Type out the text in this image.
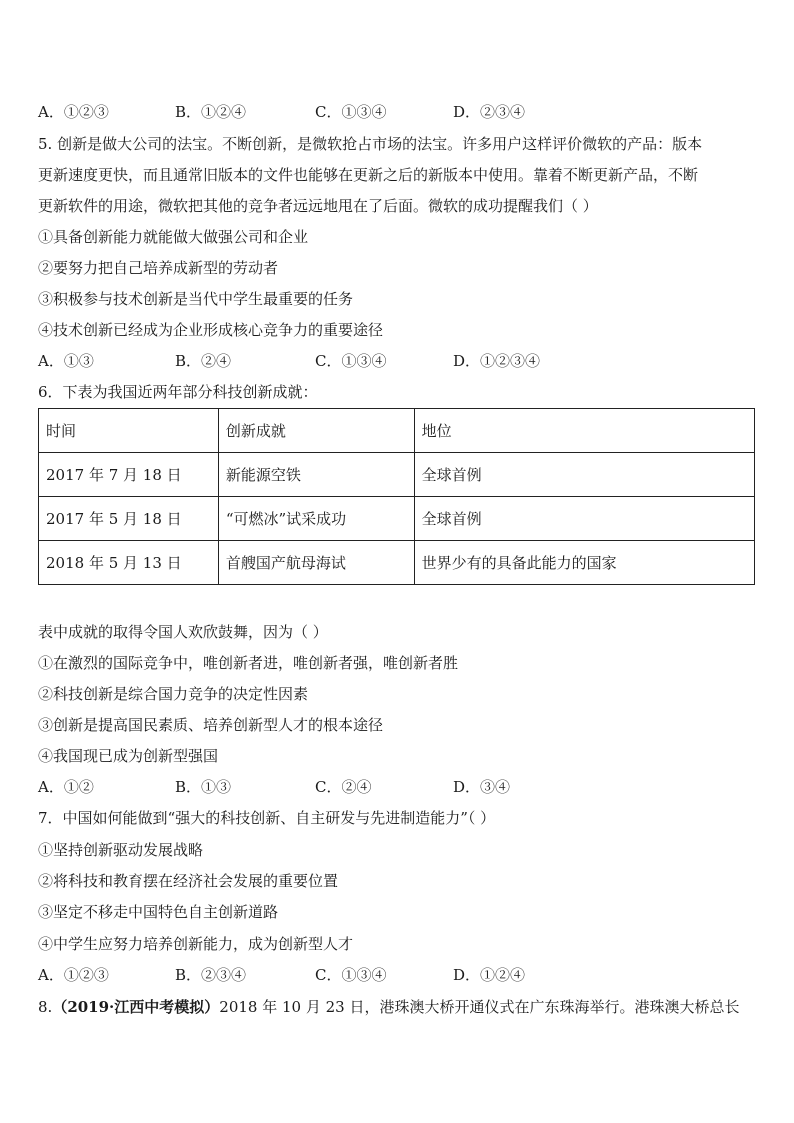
A．①②③	B．①②④	C．①③④	D．②③④
5. 创新是做大公司的法宝。不断创新，是微软抢占市场的法宝。许多用户这样评价微软的产品：版本
更新速度更快，而且通常旧版本的文件也能够在更新之后的新版本中使用。靠着不断更新产品，不断
更新软件的用途，微软把其他的竞争者远远地甩在了后面。微软的成功提醒我们（ ）
①具备创新能力就能做大做强公司和企业
②要努力把自己培养成新型的劳动者
③积极参与技术创新是当代中学生最重要的任务
④技术创新已经成为企业形成核心竞争力的重要途径
A．①③	B．②④	C．①③④	D．①②③④
6．下表为我国近两年部分科技创新成就：
时间	创新成就	地位
2017 年 7 月 18 日	新能源空铁	全球首例
2017 年 5 月 18 日	“可燃冰”试采成功	全球首例
2018 年 5 月 13 日	首艘国产航母海试	世界少有的具备此能力的国家
表中成就的取得令国人欢欣鼓舞，因为（ ）
①在激烈的国际竞争中，唯创新者进，唯创新者强，唯创新者胜
②科技创新是综合国力竞争的决定性因素
③创新是提高国民素质、培养创新型人才的根本途径
④我国现已成为创新型强国
A．①②	B．①③	C．②④	D．③④
7．中国如何能做到“强大的科技创新、自主研发与先进制造能力”（ ）
①坚持创新驱动发展战略
②将科技和教育摆在经济社会发展的重要位置
③坚定不移走中国特色自主创新道路
④中学生应努力培养创新能力，成为创新型人才
A．①②③	B．②③④	C．①③④	D．①②④
8.（2019·江西中考模拟）2018 年 10 月 23 日，港珠澳大桥开通仪式在广东珠海举行。港珠澳大桥总长
